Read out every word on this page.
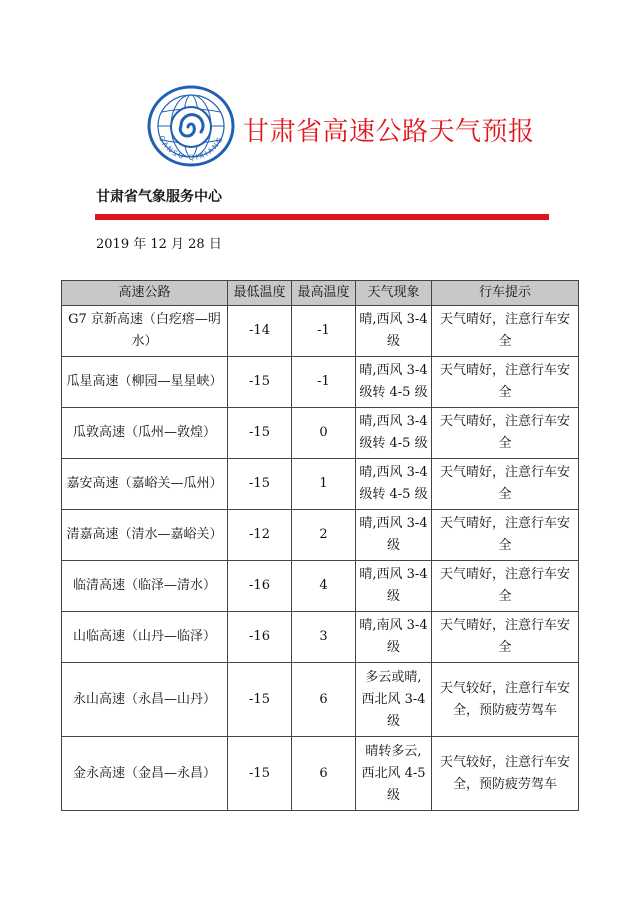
GANSU QIXIANG
甘 肃
甘肃省高速公路天气预报
甘肃省气象服务中心
2019 年 12 月 28 日
高速公路	最低温度	最高温度	天气现象	行车提示
G7 京新高速（白疙瘩—明水）	-14	-1	晴,西风 3-4 级	天气晴好，注意行车安全
瓜星高速（柳园—星星峡）	-15	-1	晴,西风 3-4 级转 4-5 级	天气晴好，注意行车安全
瓜敦高速（瓜州—敦煌）	-15	0	晴,西风 3-4 级转 4-5 级	天气晴好，注意行车安全
嘉安高速（嘉峪关—瓜州）	-15	1	晴,西风 3-4 级转 4-5 级	天气晴好，注意行车安全
清嘉高速（清水—嘉峪关）	-12	2	晴,西风 3-4 级	天气晴好，注意行车安全
临清高速（临泽—清水）	-16	4	晴,西风 3-4 级	天气晴好，注意行车安全
山临高速（山丹—临泽）	-16	3	晴,南风 3-4 级	天气晴好，注意行车安全
永山高速（永昌—山丹）	-15	6	多云或晴,西北风 3-4 级	天气较好，注意行车安全，预防疲劳驾车
金永高速（金昌—永昌）	-15	6	晴转多云,西北风 4-5 级	天气较好，注意行车安全，预防疲劳驾车
